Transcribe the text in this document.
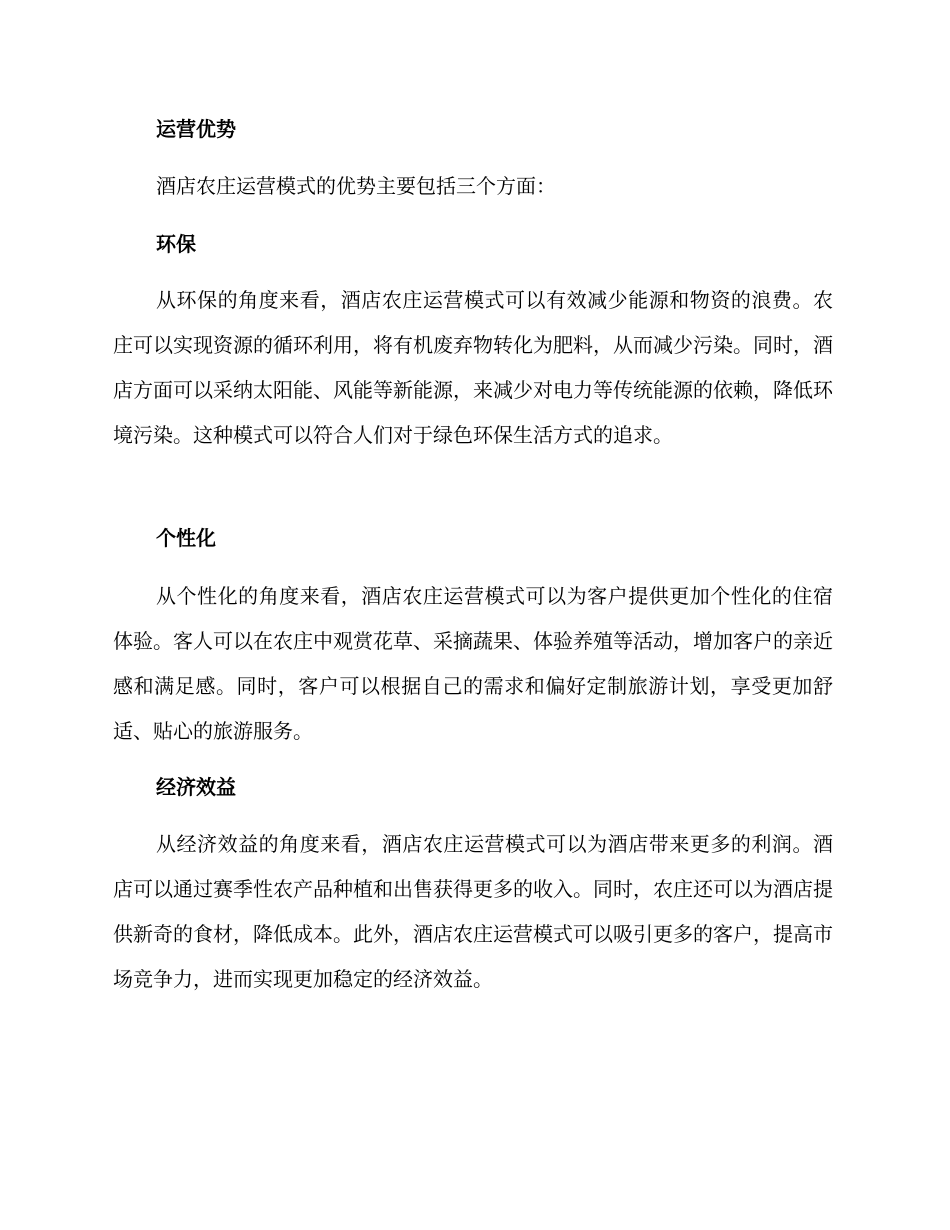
运营优势

酒店农庄运营模式的优势主要包括三个方面：

环保

从环保的角度来看，酒店农庄运营模式可以有效减少能源和物资的浪费。农庄可以实现资源的循环利用，将有机废弃物转化为肥料，从而减少污染。同时，酒店方面可以采纳太阳能、风能等新能源，来减少对电力等传统能源的依赖，降低环境污染。这种模式可以符合人们对于绿色环保生活方式的追求。

个性化

从个性化的角度来看，酒店农庄运营模式可以为客户提供更加个性化的住宿体验。客人可以在农庄中观赏花草、采摘蔬果、体验养殖等活动，增加客户的亲近感和满足感。同时，客户可以根据自己的需求和偏好定制旅游计划，享受更加舒适、贴心的旅游服务。

经济效益

从经济效益的角度来看，酒店农庄运营模式可以为酒店带来更多的利润。酒店可以通过赛季性农产品种植和出售获得更多的收入。同时，农庄还可以为酒店提供新奇的食材，降低成本。此外，酒店农庄运营模式可以吸引更多的客户，提高市场竞争力，进而实现更加稳定的经济效益。
